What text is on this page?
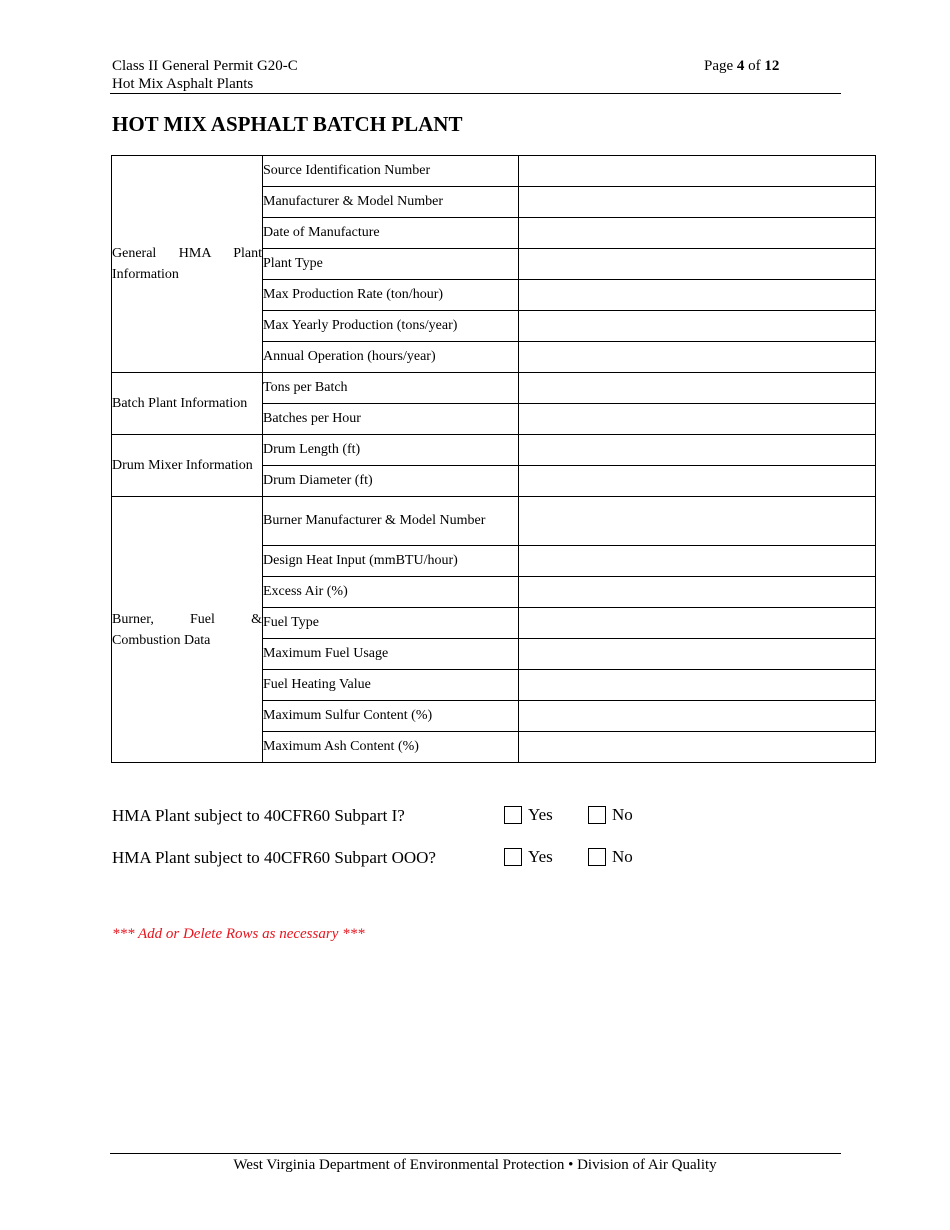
Class II General Permit G20-C
Hot Mix Asphalt Plants
Page 4 of 12
HOT MIX ASPHALT BATCH PLANT
General HMA Plant Information	Source Identification Number	
	Manufacturer & Model Number	
	Date of Manufacture	
	Plant Type	
	Max Production Rate (ton/hour)	
	Max Yearly Production (tons/year)	
	Annual Operation (hours/year)	
Batch Plant Information	Tons per Batch	
	Batches per Hour	
Drum Mixer Information	Drum Length (ft)	
	Drum Diameter (ft)	
Burner, Fuel & Combustion Data	Burner Manufacturer & Model Number	
	Design Heat Input (mmBTU/hour)	
	Excess Air (%)	
	Fuel Type	
	Maximum Fuel Usage	
	Fuel Heating Value	
	Maximum Sulfur Content (%)	
	Maximum Ash Content (%)	
HMA Plant subject to 40CFR60 Subpart I?	Yes	No
HMA Plant subject to 40CFR60 Subpart OOO?	Yes	No
*** Add or Delete Rows as necessary ***
West Virginia Department of Environmental Protection • Division of Air Quality
